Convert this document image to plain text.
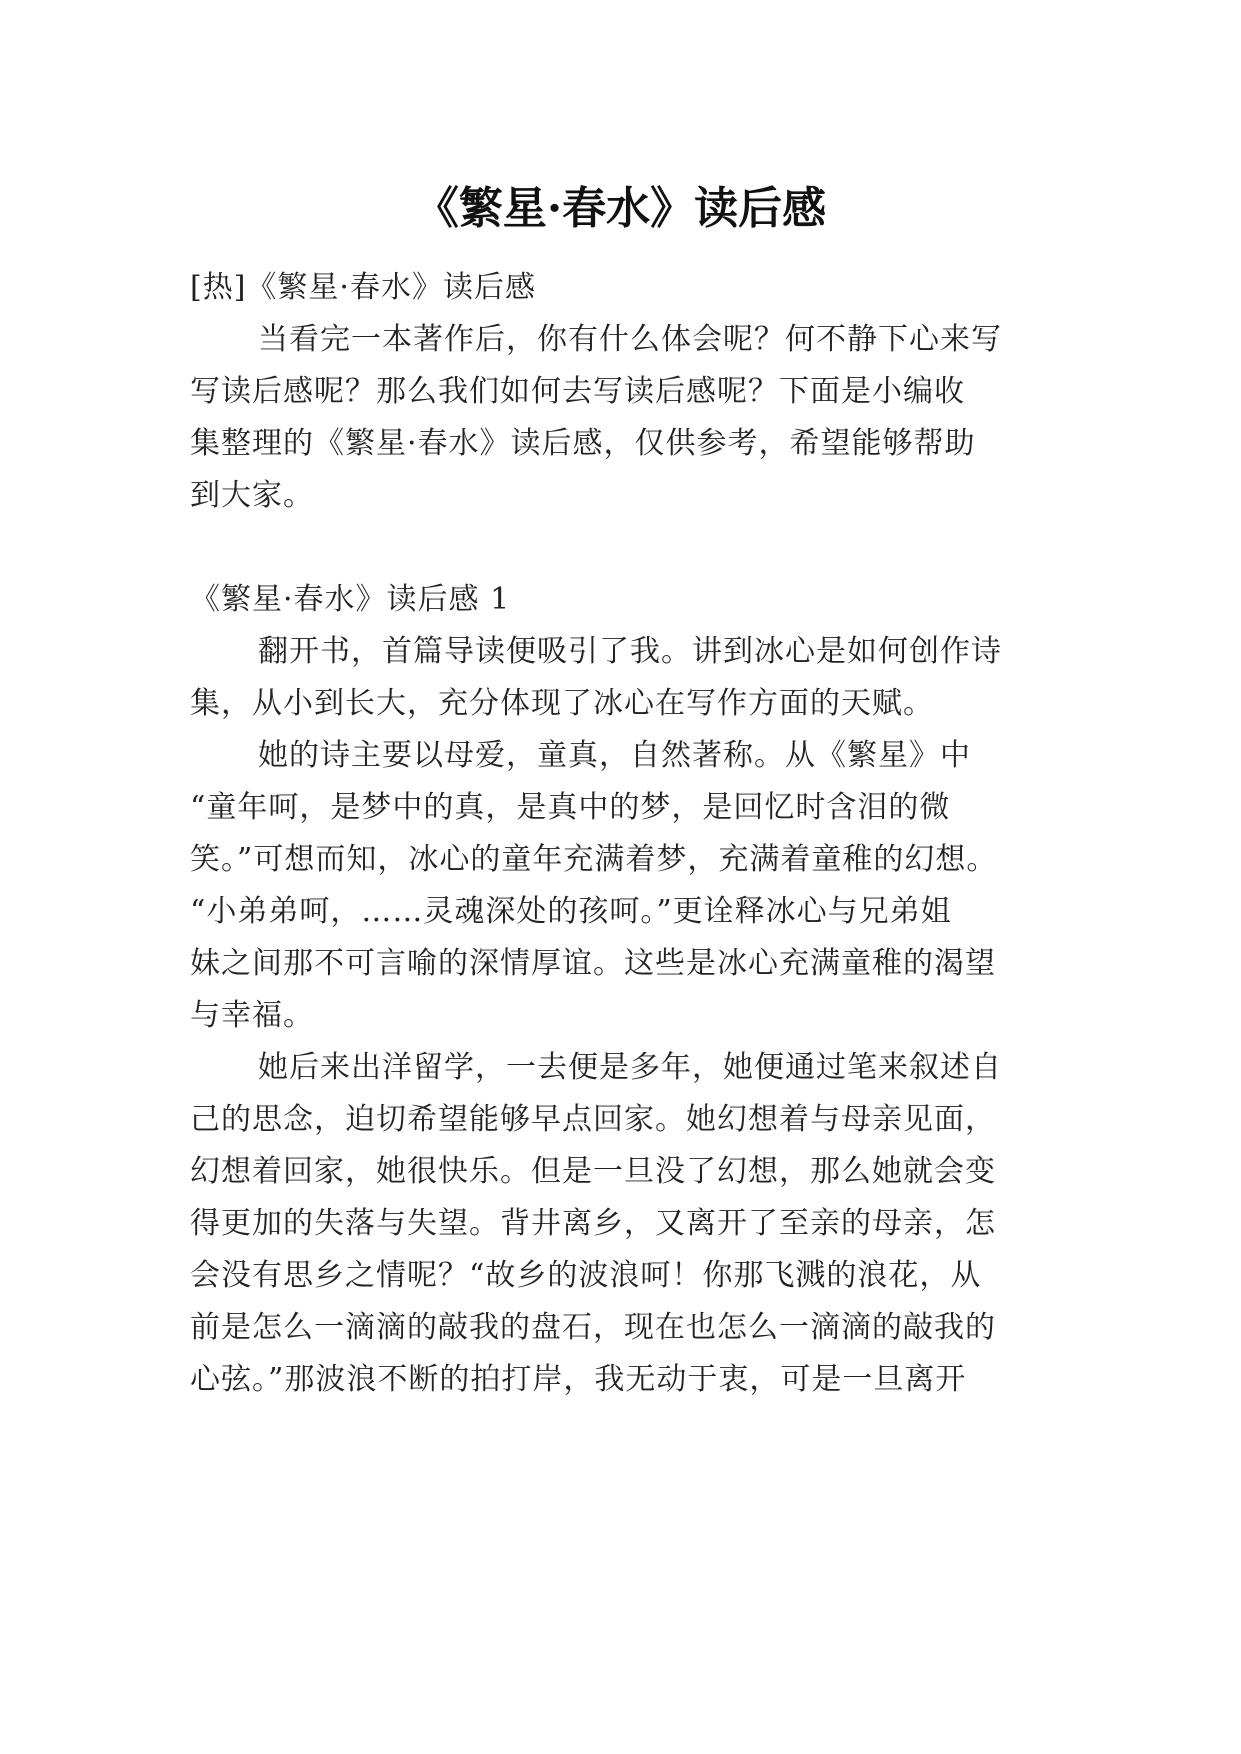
《繁星·春水》读后感

[热]《繁星·春水》读后感

当看完一本著作后，你有什么体会呢？何不静下心来写

写读后感呢？那么我们如何去写读后感呢？下面是小编收

集整理的《繁星·春水》读后感，仅供参考，希望能够帮助

到大家。

《繁星·春水》读后感 1

翻开书，首篇导读便吸引了我。讲到冰心是如何创作诗

集，从小到长大，充分体现了冰心在写作方面的天赋。

她的诗主要以母爱，童真，自然著称。从《繁星》中

“童年呵，是梦中的真，是真中的梦，是回忆时含泪的微

笑。”可想而知，冰心的童年充满着梦，充满着童稚的幻想。

“小弟弟呵，……灵魂深处的孩呵。”更诠释冰心与兄弟姐

妹之间那不可言喻的深情厚谊。这些是冰心充满童稚的渴望

与幸福。

她后来出洋留学，一去便是多年，她便通过笔来叙述自

己的思念，迫切希望能够早点回家。她幻想着与母亲见面，

幻想着回家，她很快乐。但是一旦没了幻想，那么她就会变

得更加的失落与失望。背井离乡，又离开了至亲的母亲，怎

会没有思乡之情呢？“故乡的波浪呵！你那飞溅的浪花，从

前是怎么一滴滴的敲我的盘石，现在也怎么一滴滴的敲我的

心弦。”那波浪不断的拍打岸，我无动于衷，可是一旦离开
